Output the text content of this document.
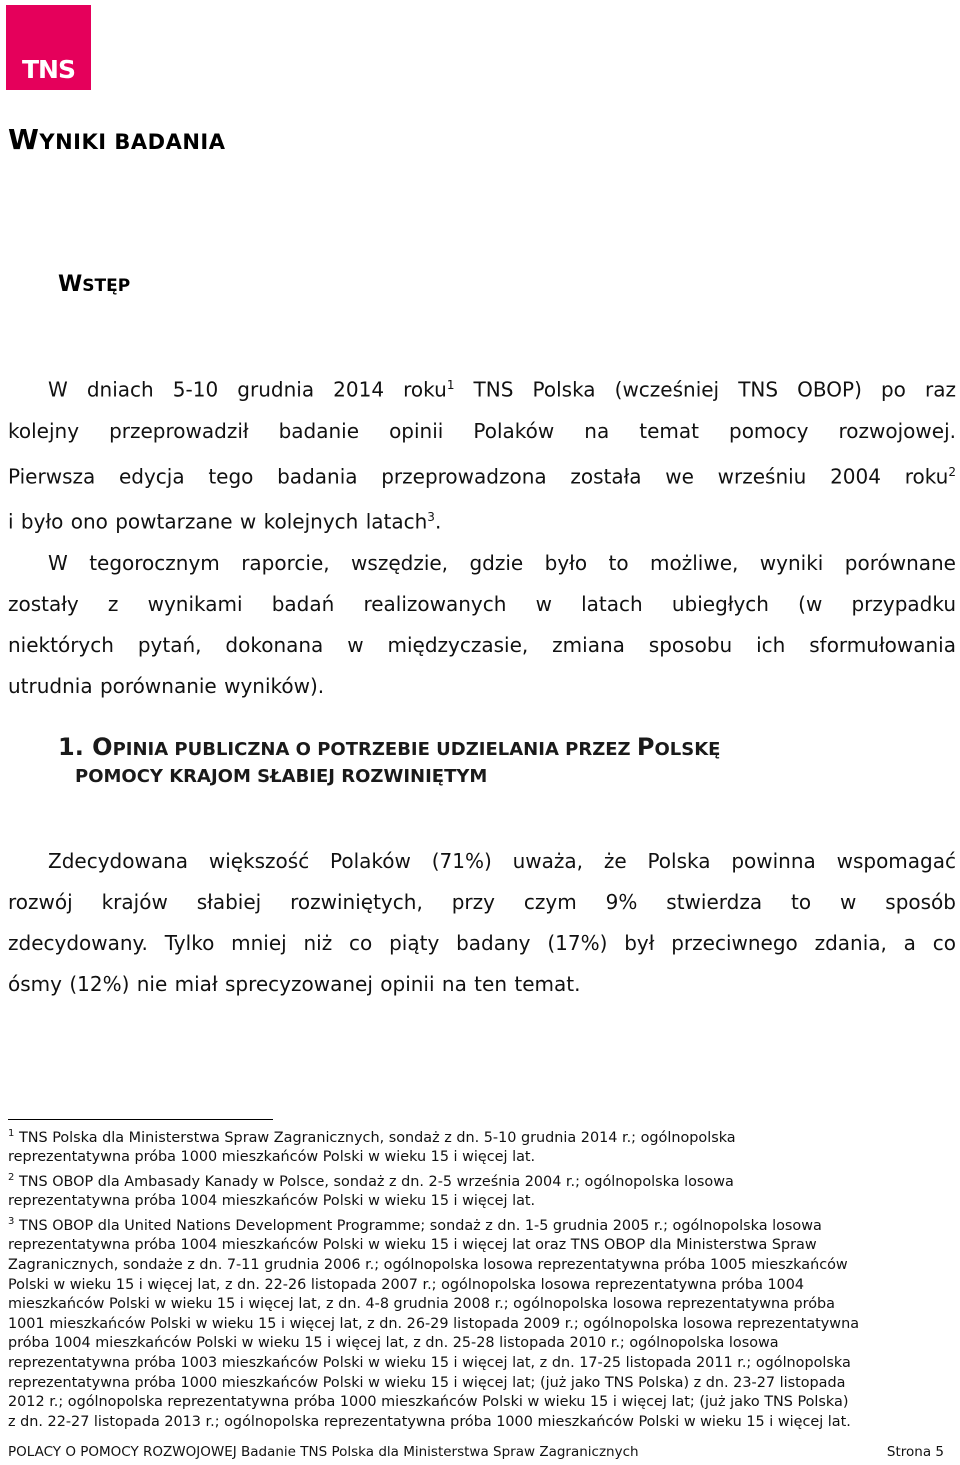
TNS
WYNIKI BADANIA
WSTĘP

W dniach 5-10 grudnia 2014 roku$^1$ TNS Polska (wcześniej TNS OBOP) po raz
kolejny przeprowadził badanie opinii Polaków na temat pomocy rozwojowej.
Pierwsza edycja tego badania przeprowadzona została we wrześniu 2004 roku$^2$
i było ono powtarzane w kolejnych latach$^3$.
W tegorocznym raporcie, wszędzie, gdzie było to możliwe, wyniki porównane
zostały z wynikami badań realizowanych w latach ubiegłych (w przypadku
niektórych pytań, dokonana w międzyczasie, zmiana sposobu ich sformułowania
utrudnia porównanie wyników).

1. OPINIA PUBLICZNA O POTRZEBIE UDZIELANIA PRZEZ POLSKĘ
POMOCY KRAJOM SŁABIEJ ROZWINIĘTYM

Zdecydowana większość Polaków (71%) uważa, że Polska powinna wspomagać
rozwój krajów słabiej rozwiniętych, przy czym 9% stwierdza to w sposób
zdecydowany. Tylko mniej niż co piąty badany (17%) był przeciwnego zdania, a co
ósmy (12%) nie miał sprecyzowanej opinii na ten temat.

$^1$ TNS Polska dla Ministerstwa Spraw Zagranicznych, sondaż z dn. 5-10 grudnia 2014 r.; ogólnopolska
reprezentatywna próba 1000 mieszkańców Polski w wieku 15 i więcej lat.
$^2$ TNS OBOP dla Ambasady Kanady w Polsce, sondaż z dn. 2-5 września 2004 r.; ogólnopolska losowa
reprezentatywna próba 1004 mieszkańców Polski w wieku 15 i więcej lat.
$^3$ TNS OBOP dla United Nations Development Programme; sondaż z dn. 1-5 grudnia 2005 r.; ogólnopolska losowa
reprezentatywna próba 1004 mieszkańców Polski w wieku 15 i więcej lat oraz TNS OBOP dla Ministerstwa Spraw
Zagranicznych, sondaże z dn. 7-11 grudnia 2006 r.; ogólnopolska losowa reprezentatywna próba 1005 mieszkańców
Polski w wieku 15 i więcej lat, z dn. 22-26 listopada 2007 r.; ogólnopolska losowa reprezentatywna próba 1004
mieszkańców Polski w wieku 15 i więcej lat, z dn. 4-8 grudnia 2008 r.; ogólnopolska losowa reprezentatywna próba
1001 mieszkańców Polski w wieku 15 i więcej lat, z dn. 26-29 listopada 2009 r.; ogólnopolska losowa reprezentatywna
próba 1004 mieszkańców Polski w wieku 15 i więcej lat, z dn. 25-28 listopada 2010 r.; ogólnopolska losowa
reprezentatywna próba 1003 mieszkańców Polski w wieku 15 i więcej lat, z dn. 17-25 listopada 2011 r.; ogólnopolska
reprezentatywna próba 1000 mieszkańców Polski w wieku 15 i więcej lat; (już jako TNS Polska) z dn. 23-27 listopada
2012 r.; ogólnopolska reprezentatywna próba 1000 mieszkańców Polski w wieku 15 i więcej lat; (już jako TNS Polska)
z dn. 22-27 listopada 2013 r.; ogólnopolska reprezentatywna próba 1000 mieszkańców Polski w wieku 15 i więcej lat.
POLACY O POMOCY ROZWOJOWEJ Badanie TNS Polska dla Ministerstwa Spraw Zagranicznych	Strona 5
